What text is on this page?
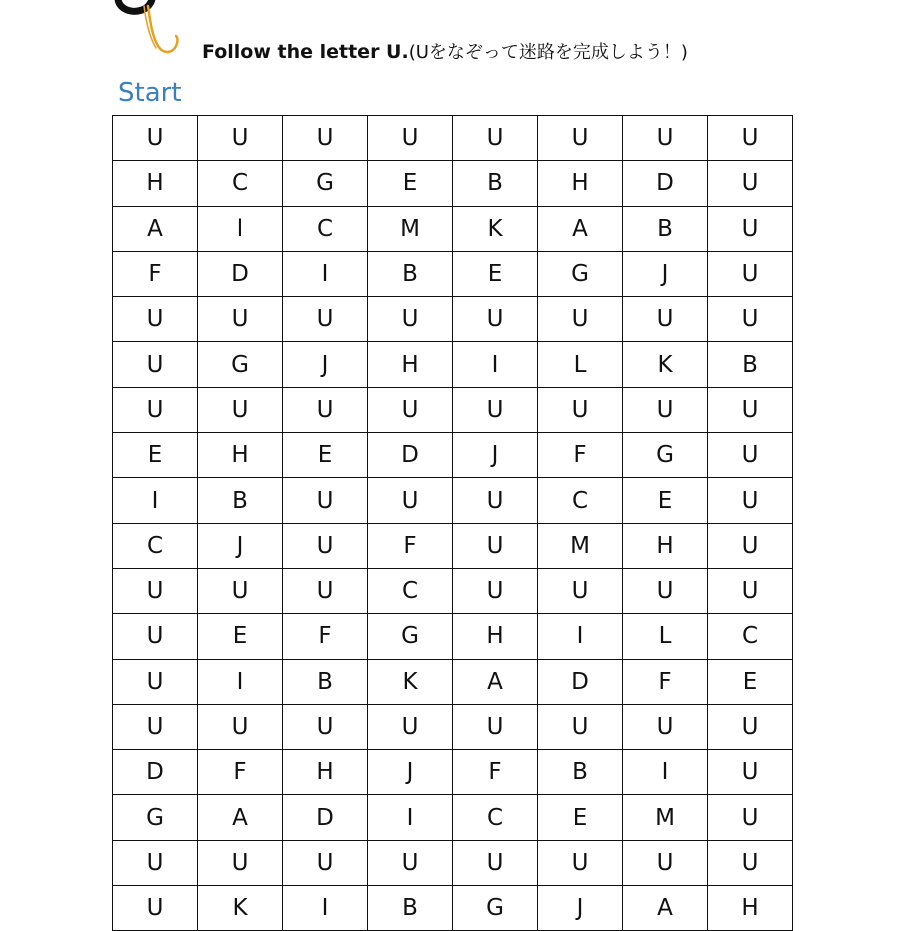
Follow the letter U.(Uをなぞって迷路を完成しよう！)
Start
U	U	U	U	U	U	U	U
H	C	G	E	B	H	D	U
A	l	C	M	K	A	B	U
F	D	I	B	E	G	J	U
U	U	U	U	U	U	U	U
U	G	J	H	I	L	K	B
U	U	U	U	U	U	U	U
E	H	E	D	J	F	G	U
I	B	U	U	U	C	E	U
C	J	U	F	U	M	H	U
U	U	U	C	U	U	U	U
U	E	F	G	H	I	L	C
U	I	B	K	A	D	F	E
U	U	U	U	U	U	U	U
D	F	H	J	F	B	I	U
G	A	D	I	C	E	M	U
U	U	U	U	U	U	U	U
U	K	I	B	G	J	A	H
